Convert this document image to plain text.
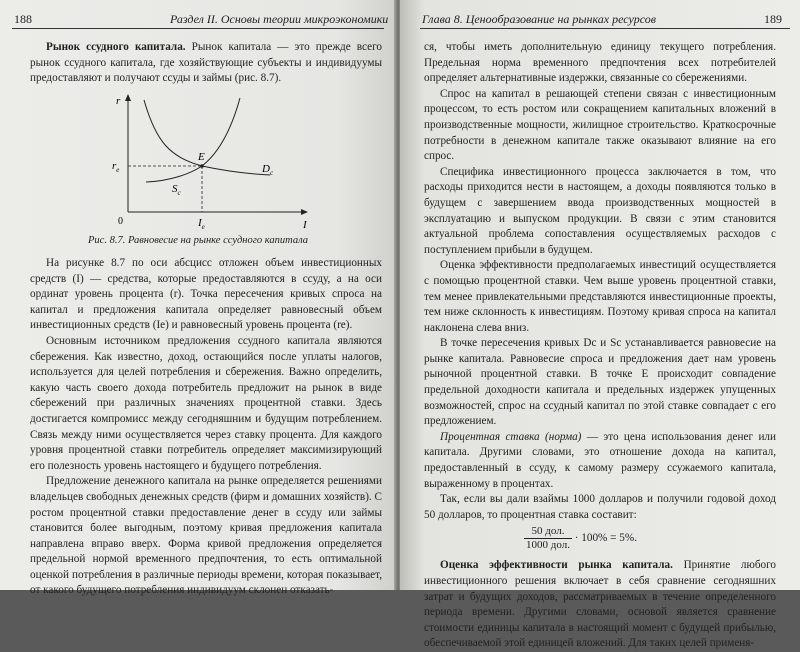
188	Раздел II. Основы теории микроэкономики

Рынок ссудного капитала. Рынок капитала — это прежде всего рынок ссудного капитала, где хозяйствующие субъекты и индивидуумы предоставляют и получают ссуды и займы (рис. 8.7).

r
I
0
$r_e$
$I_e$
E
$S_c$
$D_c$
Рис. 8.7. Равновесие на рынке ссудного капитала

На рисунке 8.7 по оси абсцисс отложен объем инвестиционных средств (I) — средства, которые предоставляются в ссуду, а на оси ординат уровень процента (r). Точка пересечения кривых спроса на капитал и предложения капитала определяет равновесный объем инвестиционных средств (Ie) и равновесный уровень процента (re).

Основным источником предложения ссудного капитала являются сбережения. Как известно, доход, остающийся после уплаты налогов, используется для целей потребления и сбережения. Важно определить, какую часть своего дохода потребитель предложит на рынок в виде сбережений при различных значениях процентной ставки. Здесь достигается компромисс между сегодняшним и будущим потреблением. Связь между ними осуществляется через ставку процента. Для каждого уровня процентной ставки потребитель определяет максимизирующий его полезность уровень настоящего и будущего потребления.

Предложение денежного капитала на рынке определяется решениями владельцев свободных денежных средств (фирм и домашних хозяйств). С ростом процентной ставки предоставление денег в ссуду или займы становится более выгодным, поэтому кривая предложения капитала направлена вправо вверх. Форма кривой предложения определяется предельной нормой временного предпочтения, то есть оптимальной оценкой потребления в различные периоды времени, которая показывает, от какого будущего потребления индивидуум склонен отказать-

Глава 8. Ценообразование на рынках ресурсов	189

ся, чтобы иметь дополнительную единицу текущего потребления. Предельная норма временного предпочтения всех потребителей определяет альтернативные издержки, связанные со сбережениями.

Спрос на капитал в решающей степени связан с инвестиционным процессом, то есть ростом или сокращением капитальных вложений в производственные мощности, жилищное строительство. Краткосрочные потребности в денежном капитале также оказывают влияние на его спрос.

Специфика инвестиционного процесса заключается в том, что расходы приходится нести в настоящем, а доходы появляются только в будущем с завершением ввода производственных мощностей в эксплуатацию и выпуском продукции. В связи с этим становится актуальной проблема сопоставления осуществляемых расходов с поступлением прибыли в будущем.

Оценка эффективности предполагаемых инвестиций осуществляется с помощью процентной ставки. Чем выше уровень процентной ставки, тем менее привлекательными представляются инвестиционные проекты, тем ниже склонность к инвестициям. Поэтому кривая спроса на капитал наклонена слева вниз.

В точке пересечения кривых Dc и Sc устанавливается равновесие на рынке капитала. Равновесие спроса и предложения дает нам уровень рыночной процентной ставки. В точке E происходит совпадение предельной доходности капитала и предельных издержек упущенных возможностей, спрос на ссудный капитал по этой ставке совпадает с его предложением.

Процентная ставка (норма) — это цена использования денег или капитала. Другими словами, это отношение дохода на капитал, предоставленный в ссуду, к самому размеру ссужаемого капитала, выраженному в процентах.

Так, если вы дали взаймы 1000 долларов и получили годовой доход 50 долларов, то процентная ставка составит:

$\frac{\text{50 дол.}}{\text{1000 дол.}} \cdot 100\% = 5\%$.

Оценка эффективности рынка капитала. Принятие любого инвестиционного решения включает в себя сравнение сегодняшних затрат и будущих доходов, рассматриваемых в течение определенного периода времени. Другими словами, основой является сравнение стоимости единицы капитала в настоящий момент с будущей прибылью, обеспечиваемой этой единицей вложений. Для таких целей применя-
